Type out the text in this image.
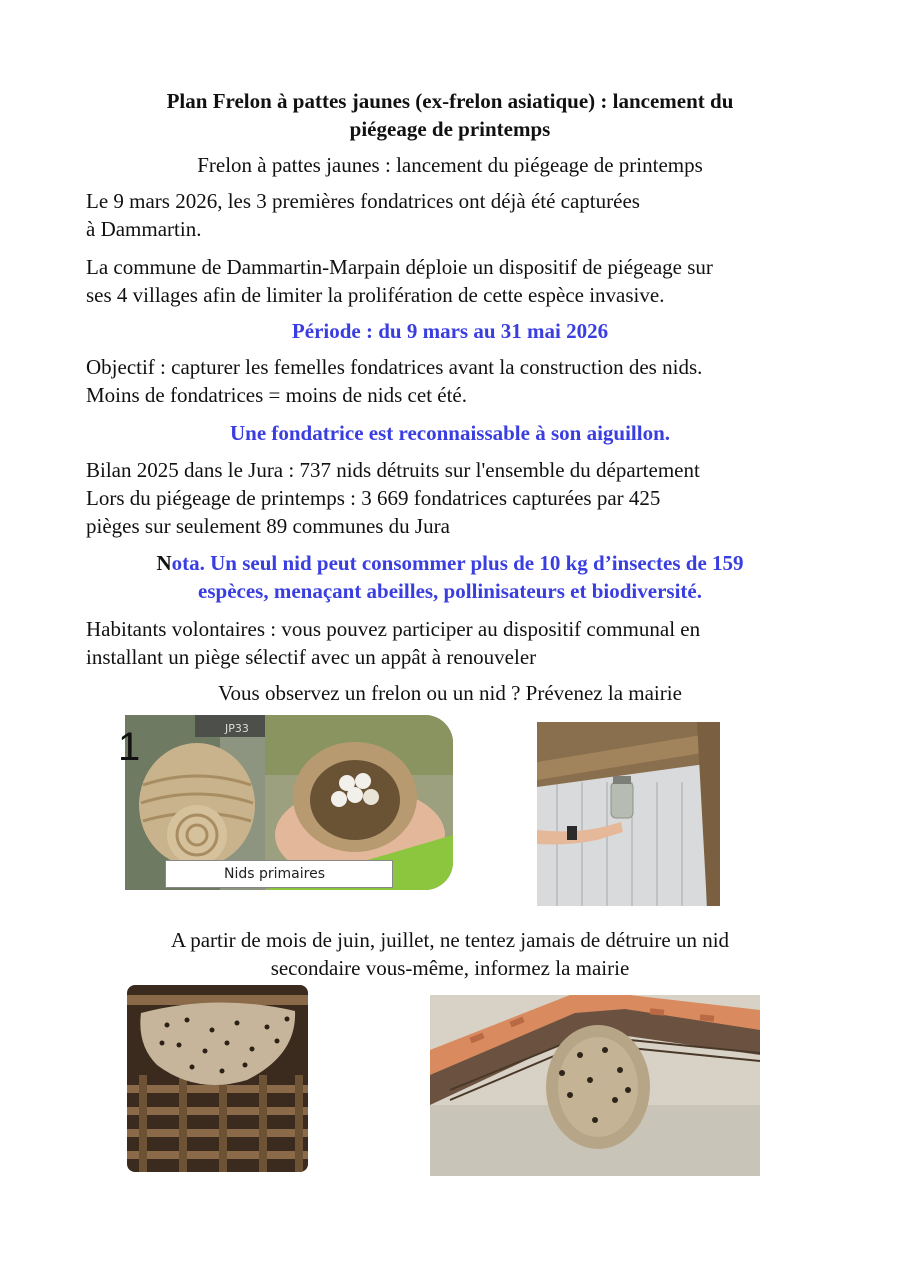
Plan Frelon à pattes jaunes (ex-frelon asiatique) : lancement du
piégeage de printemps
Frelon à pattes jaunes : lancement du piégeage de printemps
Le 9 mars 2026, les 3 premières fondatrices ont déjà été capturées
à Dammartin.
La commune de Dammartin-Marpain déploie un dispositif de piégeage sur
ses 4 villages afin de limiter la prolifération de cette espèce invasive.
Période : du 9 mars au 31 mai 2026
Objectif : capturer les femelles fondatrices avant la construction des nids.
Moins de fondatrices = moins de nids cet été.
Une fondatrice est reconnaissable à son aiguillon.
Bilan 2025 dans le Jura : 737 nids détruits sur l'ensemble du département
Lors du piégeage de printemps : 3 669 fondatrices capturées par 425
pièges sur seulement 89 communes du Jura
Nota. Un seul nid peut consommer plus de 10 kg d’insectes de 159
espèces, menaçant abeilles, pollinisateurs et biodiversité.
Habitants volontaires : vous pouvez participer au dispositif communal en
installant un piège sélectif avec un appât à renouveler
Vous observez un frelon ou un nid ? Prévenez la mairie
JP33
1
Nids primaires
A partir de mois de juin, juillet, ne tentez jamais de détruire un nid
secondaire vous-même, informez la mairie
